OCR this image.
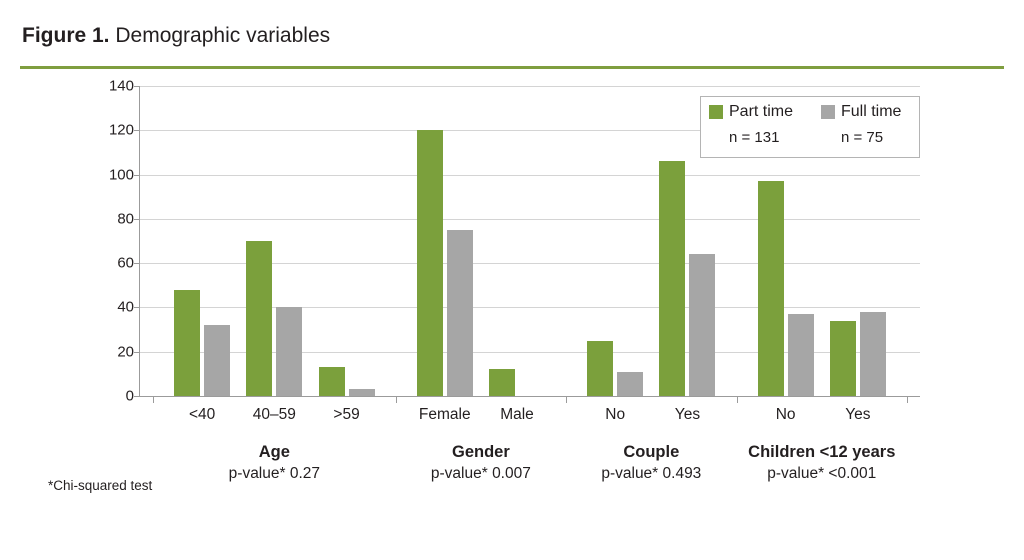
Figure 1. Demographic variables
0
20
40
60
80
100
120
140
<40 40–59 >59	Female Male	No	Yes	No	Yes
Age
p-value* 0.27
Gender
p-value* 0.007
Couple
p-value* 0.493
Children <12 years
p-value* <0.001
Part time	Full time
n = 131	n = 75
*Chi-squared test
